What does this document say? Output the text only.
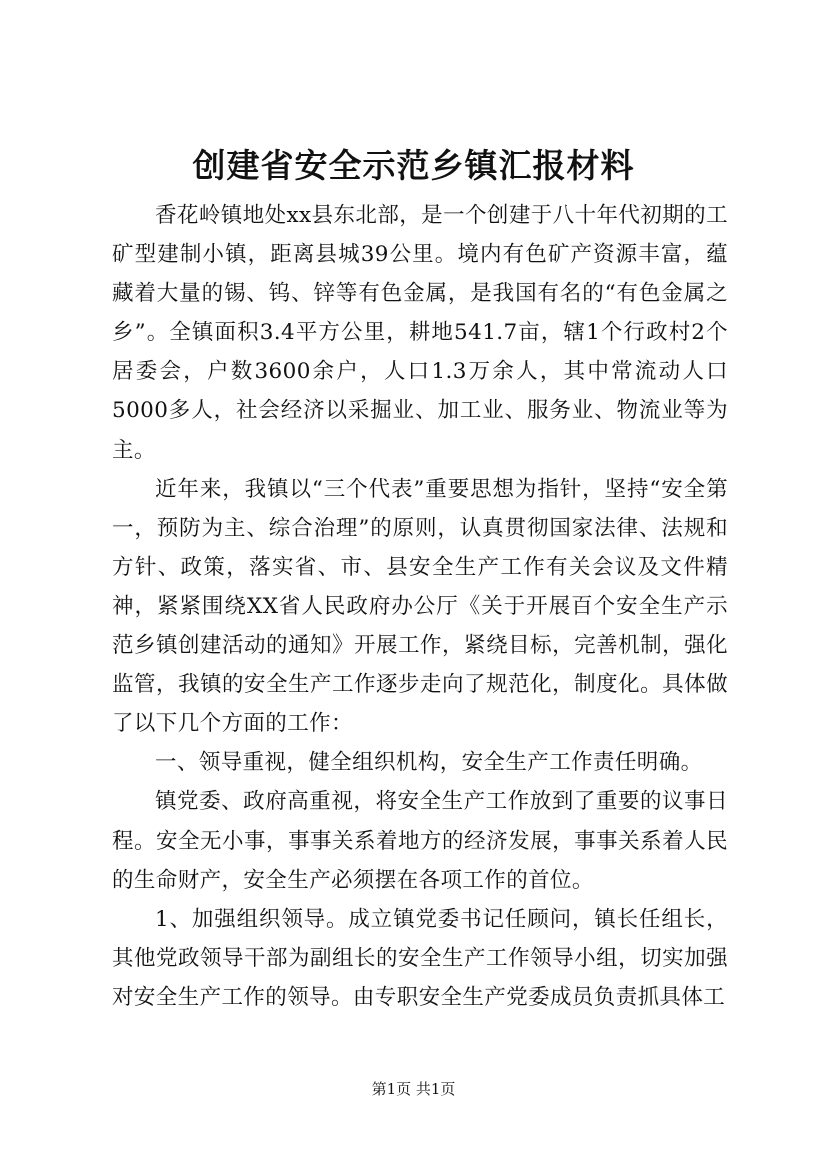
创建省安全示范乡镇汇报材料

香花岭镇地处xx县东北部，是一个创建于八十年代初期的工矿型建制小镇，距离县城39公里。境内有色矿产资源丰富，蕴藏着大量的锡、钨、锌等有色金属，是我国有名的“有色金属之乡”。全镇面积3.4平方公里，耕地541.7亩，辖1个行政村2个居委会，户数3600余户，人口1.3万余人，其中常流动人口5000多人，社会经济以采掘业、加工业、服务业、物流业等为主。

近年来，我镇以“三个代表”重要思想为指针，坚持“安全第一，预防为主、综合治理”的原则，认真贯彻国家法律、法规和方针、政策，落实省、市、县安全生产工作有关会议及文件精神，紧紧围绕XX省人民政府办公厅《关于开展百个安全生产示范乡镇创建活动的通知》开展工作，紧绕目标，完善机制，强化监管，我镇的安全生产工作逐步走向了规范化，制度化。具体做了以下几个方面的工作：

一、领导重视，健全组织机构，安全生产工作责任明确。

镇党委、政府高重视，将安全生产工作放到了重要的议事日程。安全无小事，事事关系着地方的经济发展，事事关系着人民的生命财产，安全生产必须摆在各项工作的首位。

1、加强组织领导。成立镇党委书记任顾问，镇长任组长，其他党政领导干部为副组长的安全生产工作领导小组，切实加强对安全生产工作的领导。由专职安全生产党委成员负责抓具体工

第1页 共1页
